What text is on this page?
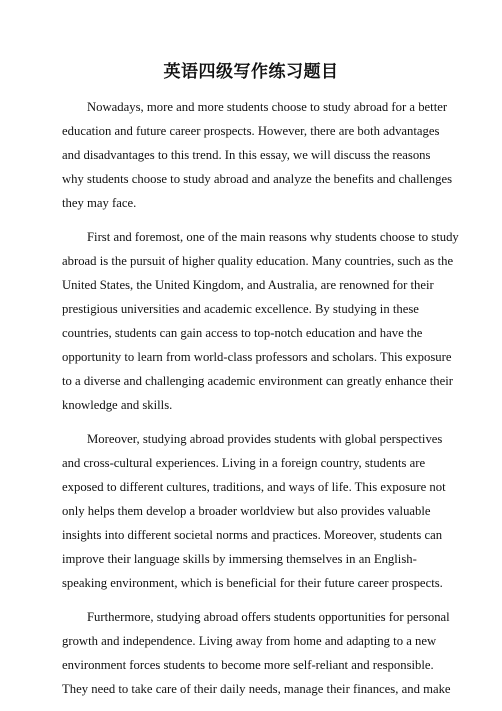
英语四级写作练习题目

Nowadays, more and more students choose to study abroad for a better
education and future career prospects. However, there are both advantages
and disadvantages to this trend. In this essay, we will discuss the reasons
why students choose to study abroad and analyze the benefits and challenges
they may face.

First and foremost, one of the main reasons why students choose to study
abroad is the pursuit of higher quality education. Many countries, such as the
United States, the United Kingdom, and Australia, are renowned for their
prestigious universities and academic excellence. By studying in these
countries, students can gain access to top-notch education and have the
opportunity to learn from world-class professors and scholars. This exposure
to a diverse and challenging academic environment can greatly enhance their
knowledge and skills.

Moreover, studying abroad provides students with global perspectives
and cross-cultural experiences. Living in a foreign country, students are
exposed to different cultures, traditions, and ways of life. This exposure not
only helps them develop a broader worldview but also provides valuable
insights into different societal norms and practices. Moreover, students can
improve their language skills by immersing themselves in an English-
speaking environment, which is beneficial for their future career prospects.

Furthermore, studying abroad offers students opportunities for personal
growth and independence. Living away from home and adapting to a new
environment forces students to become more self-reliant and responsible.
They need to take care of their daily needs, manage their finances, and make
